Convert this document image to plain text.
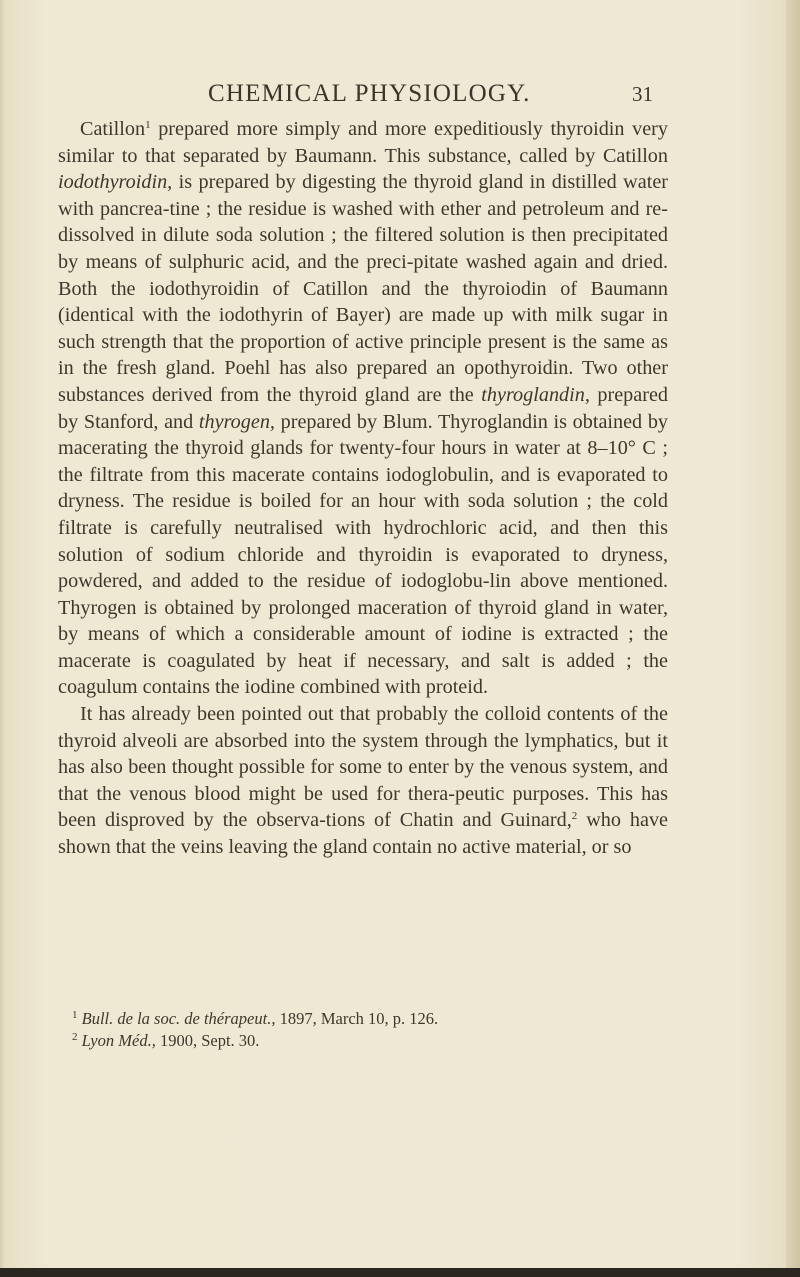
CHEMICAL PHYSIOLOGY.	31

Catillon$^1$ prepared more simply and more expeditiously thyroidin very similar to that separated by Baumann. This substance, called by Catillon iodothyroidin, is prepared by digesting the thyroid gland in distilled water with pancrea-tine ; the residue is washed with ether and petroleum and re-dissolved in dilute soda solution ; the filtered solution is then precipitated by means of sulphuric acid, and the preci-pitate washed again and dried. Both the iodothyroidin of Catillon and the thyroiodin of Baumann (identical with the iodothyrin of Bayer) are made up with milk sugar in such strength that the proportion of active principle present is the same as in the fresh gland. Poehl has also prepared an opothyroidin. Two other substances derived from the thyroid gland are the thyroglandin, prepared by Stanford, and thyrogen, prepared by Blum. Thyroglandin is obtained by macerating the thyroid glands for twenty-four hours in water at 8–10° C ; the filtrate from this macerate contains iodoglobulin, and is evaporated to dryness. The residue is boiled for an hour with soda solution ; the cold filtrate is carefully neutralised with hydrochloric acid, and then this solution of sodium chloride and thyroidin is evaporated to dryness, powdered, and added to the residue of iodoglobu-lin above mentioned. Thyrogen is obtained by prolonged maceration of thyroid gland in water, by means of which a considerable amount of iodine is extracted ; the macerate is coagulated by heat if necessary, and salt is added ; the coagulum contains the iodine combined with proteid.

It has already been pointed out that probably the colloid contents of the thyroid alveoli are absorbed into the system through the lymphatics, but it has also been thought possible for some to enter by the venous system, and that the venous blood might be used for thera-peutic purposes. This has been disproved by the observa-tions of Chatin and Guinard,$^2$ who have shown that the veins leaving the gland contain no active material, or so

$^1$ Bull. de la soc. de thérapeut., 1897, March 10, p. 126.

$^2$ Lyon Méd., 1900, Sept. 30.
